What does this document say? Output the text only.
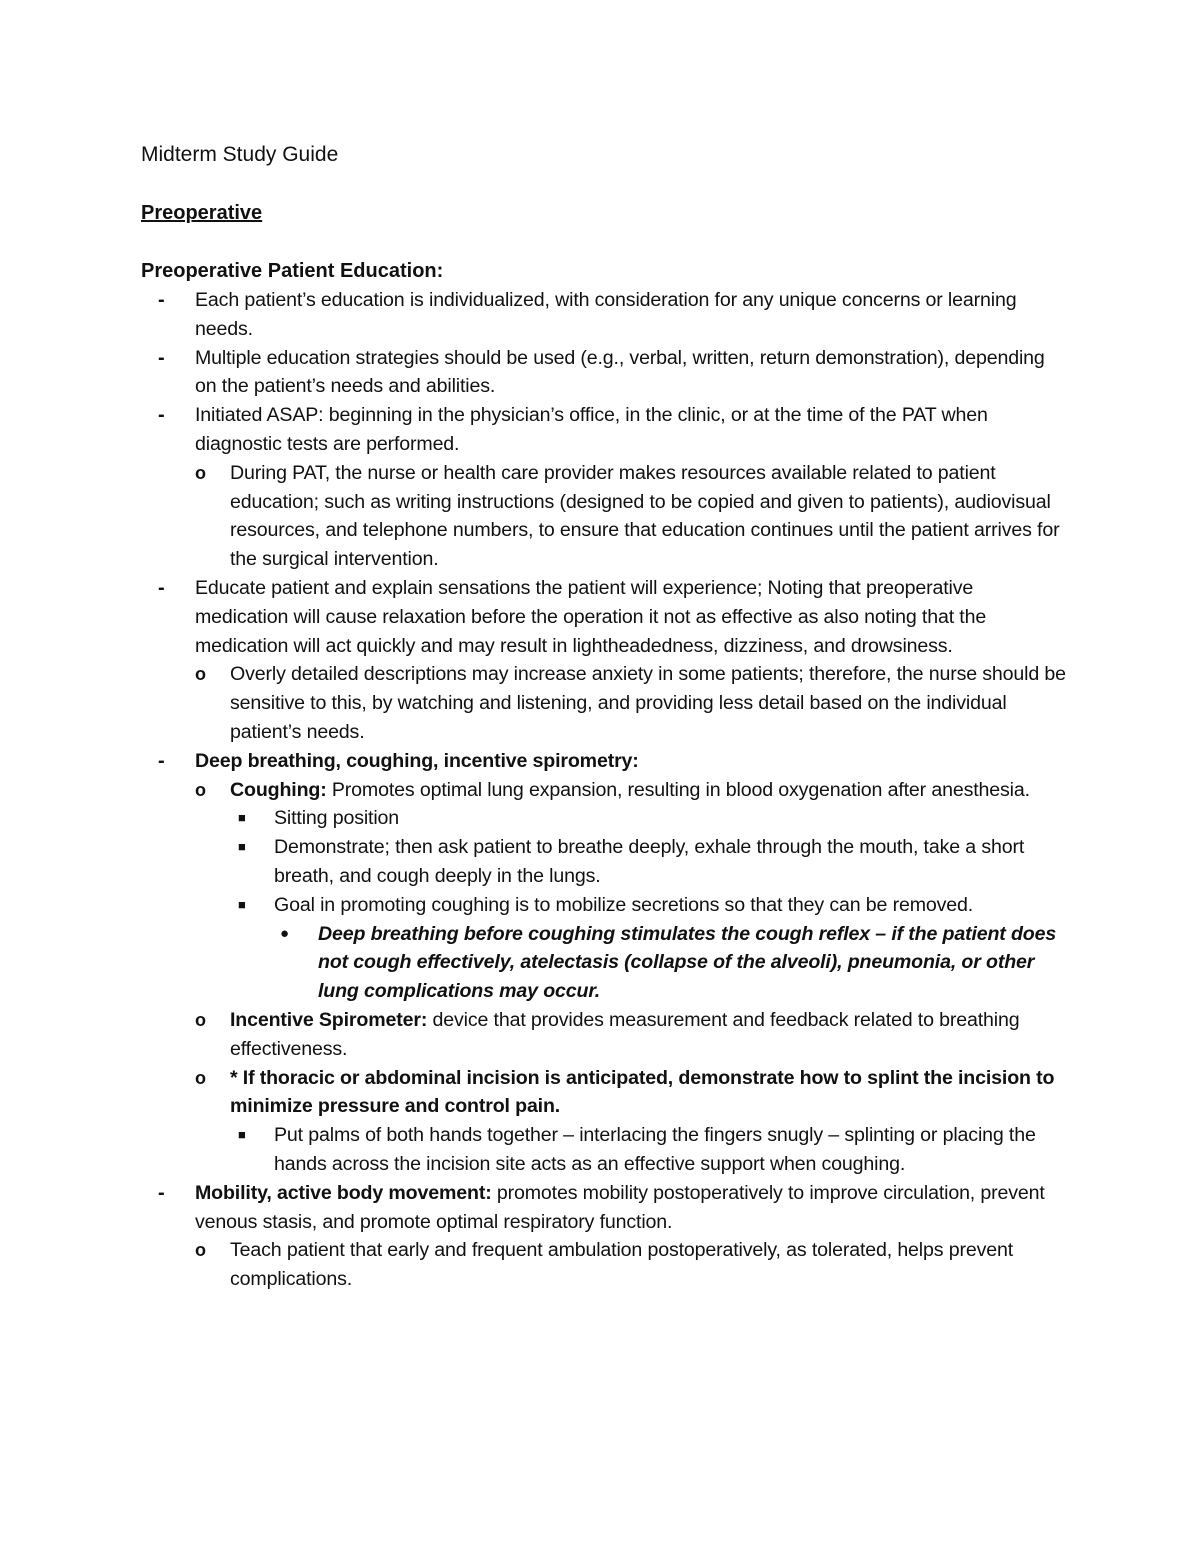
Midterm Study Guide
Preoperative
Preoperative Patient Education:
- Each patient’s education is individualized, with consideration for any unique concerns or learning needs.
- Multiple education strategies should be used (e.g., verbal, written, return demonstration), depending on the patient’s needs and abilities.
- Initiated ASAP: beginning in the physician’s office, in the clinic, or at the time of the PAT when diagnostic tests are performed.
o During PAT, the nurse or health care provider makes resources available related to patient education; such as writing instructions (designed to be copied and given to patients), audiovisual resources, and telephone numbers, to ensure that education continues until the patient arrives for the surgical intervention.
- Educate patient and explain sensations the patient will experience; Noting that preoperative medication will cause relaxation before the operation it not as effective as also noting that the medication will act quickly and may result in lightheadedness, dizziness, and drowsiness.
o Overly detailed descriptions may increase anxiety in some patients; therefore, the nurse should be sensitive to this, by watching and listening, and providing less detail based on the individual patient’s needs.
- Deep breathing, coughing, incentive spirometry:
o Coughing: Promotes optimal lung expansion, resulting in blood oxygenation after anesthesia.
■ Sitting position
■ Demonstrate; then ask patient to breathe deeply, exhale through the mouth, take a short breath, and cough deeply in the lungs.
■ Goal in promoting coughing is to mobilize secretions so that they can be removed.
● Deep breathing before coughing stimulates the cough reflex – if the patient does not cough effectively, atelectasis (collapse of the alveoli), pneumonia, or other lung complications may occur.
o Incentive Spirometer: device that provides measurement and feedback related to breathing effectiveness.
o * If thoracic or abdominal incision is anticipated, demonstrate how to splint the incision to minimize pressure and control pain.
■ Put palms of both hands together – interlacing the fingers snugly – splinting or placing the hands across the incision site acts as an effective support when coughing.
- Mobility, active body movement: promotes mobility postoperatively to improve circulation, prevent venous stasis, and promote optimal respiratory function.
o Teach patient that early and frequent ambulation postoperatively, as tolerated, helps prevent complications.
